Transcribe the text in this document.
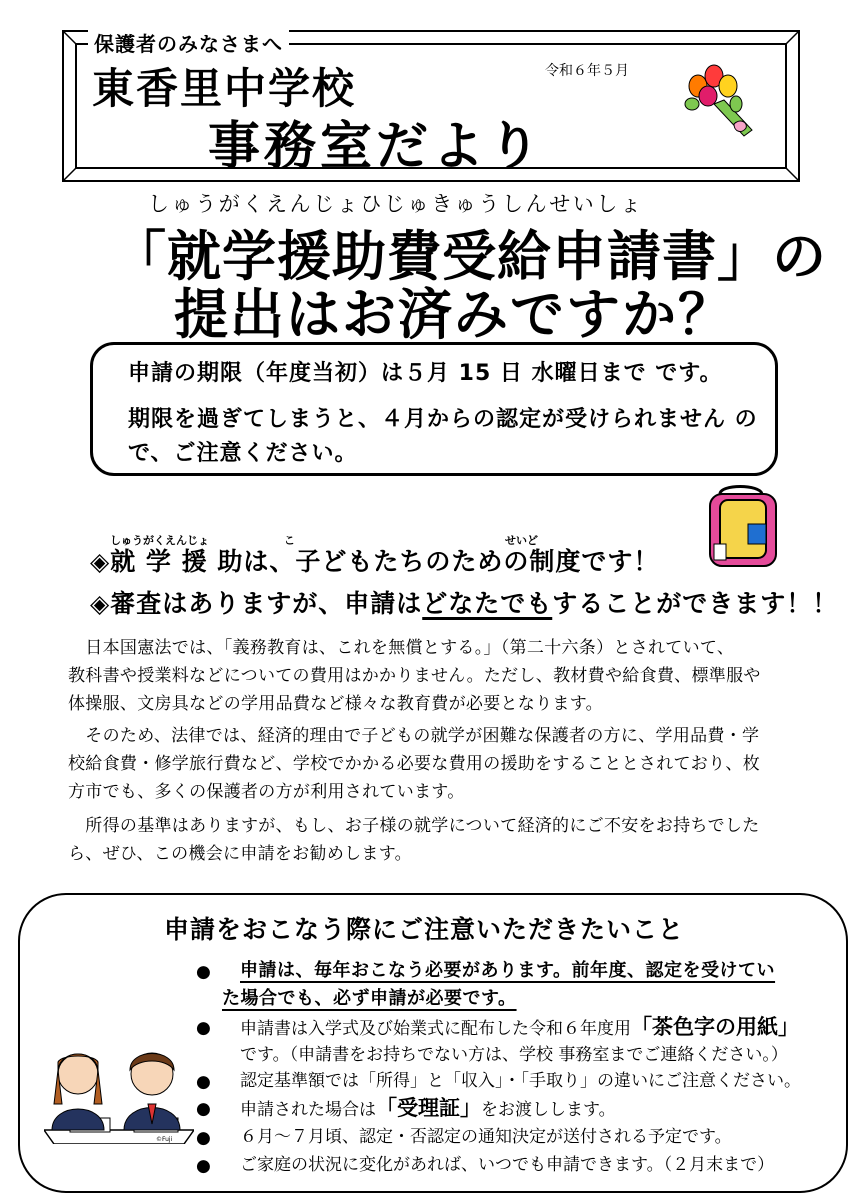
保護者のみなさまへ
東香里中学校
事務室だより
令和６年５月
しゅうがくえんじょひじゅきゅうしんせいしょ
「就学援助費受給申請書」の
提出はお済みですか？
申請の期限（年度当初）は５月 15 日 水曜日まで です。
期限を過ぎてしまうと、４月からの認定が受けられません の
で、ご注意ください。
しゅうがくえんじょ	こ	せいど
◈就 学 援 助は、子どもたちのための制度です！
◈審査はありますが、申請はどなたでもすることができます！！
　日本国憲法では、「義務教育は、これを無償とする。」（第二十六条）とされていて、
教科書や授業料などについての費用はかかりません。ただし、教材費や給食費、標準服や
体操服、文房具などの学用品費など様々な教育費が必要となります。
　そのため、法律では、経済的理由で子どもの就学が困難な保護者の方に、学用品費・学
校給食費・修学旅行費など、学校でかかる必要な費用の援助をすることとされており、枚
方市でも、多くの保護者の方が利用されています。
　所得の基準はありますが、もし、お子様の就学について経済的にご不安をお持ちでした
ら、ぜひ、この機会に申請をお勧めします。
申請をおこなう際にご注意いただきたいこと
● 申請は、毎年おこなう必要があります。前年度、認定を受けてい
た場合でも、必ず申請が必要です。
● 申請書は入学式及び始業式に配布した令和６年度用「茶色字の用紙」
です。（申請書をお持ちでない方は、学校 事務室までご連絡ください。）
● 認定基準額では「所得」と「収入」・「手取り」の違いにご注意ください。
● 申請された場合は「受理証」をお渡しします。
● ６月～７月頃、認定・否認定の通知決定が送付される予定です。
● ご家庭の状況に変化があれば、いつでも申請できます。（２月末まで）
©Fuji
